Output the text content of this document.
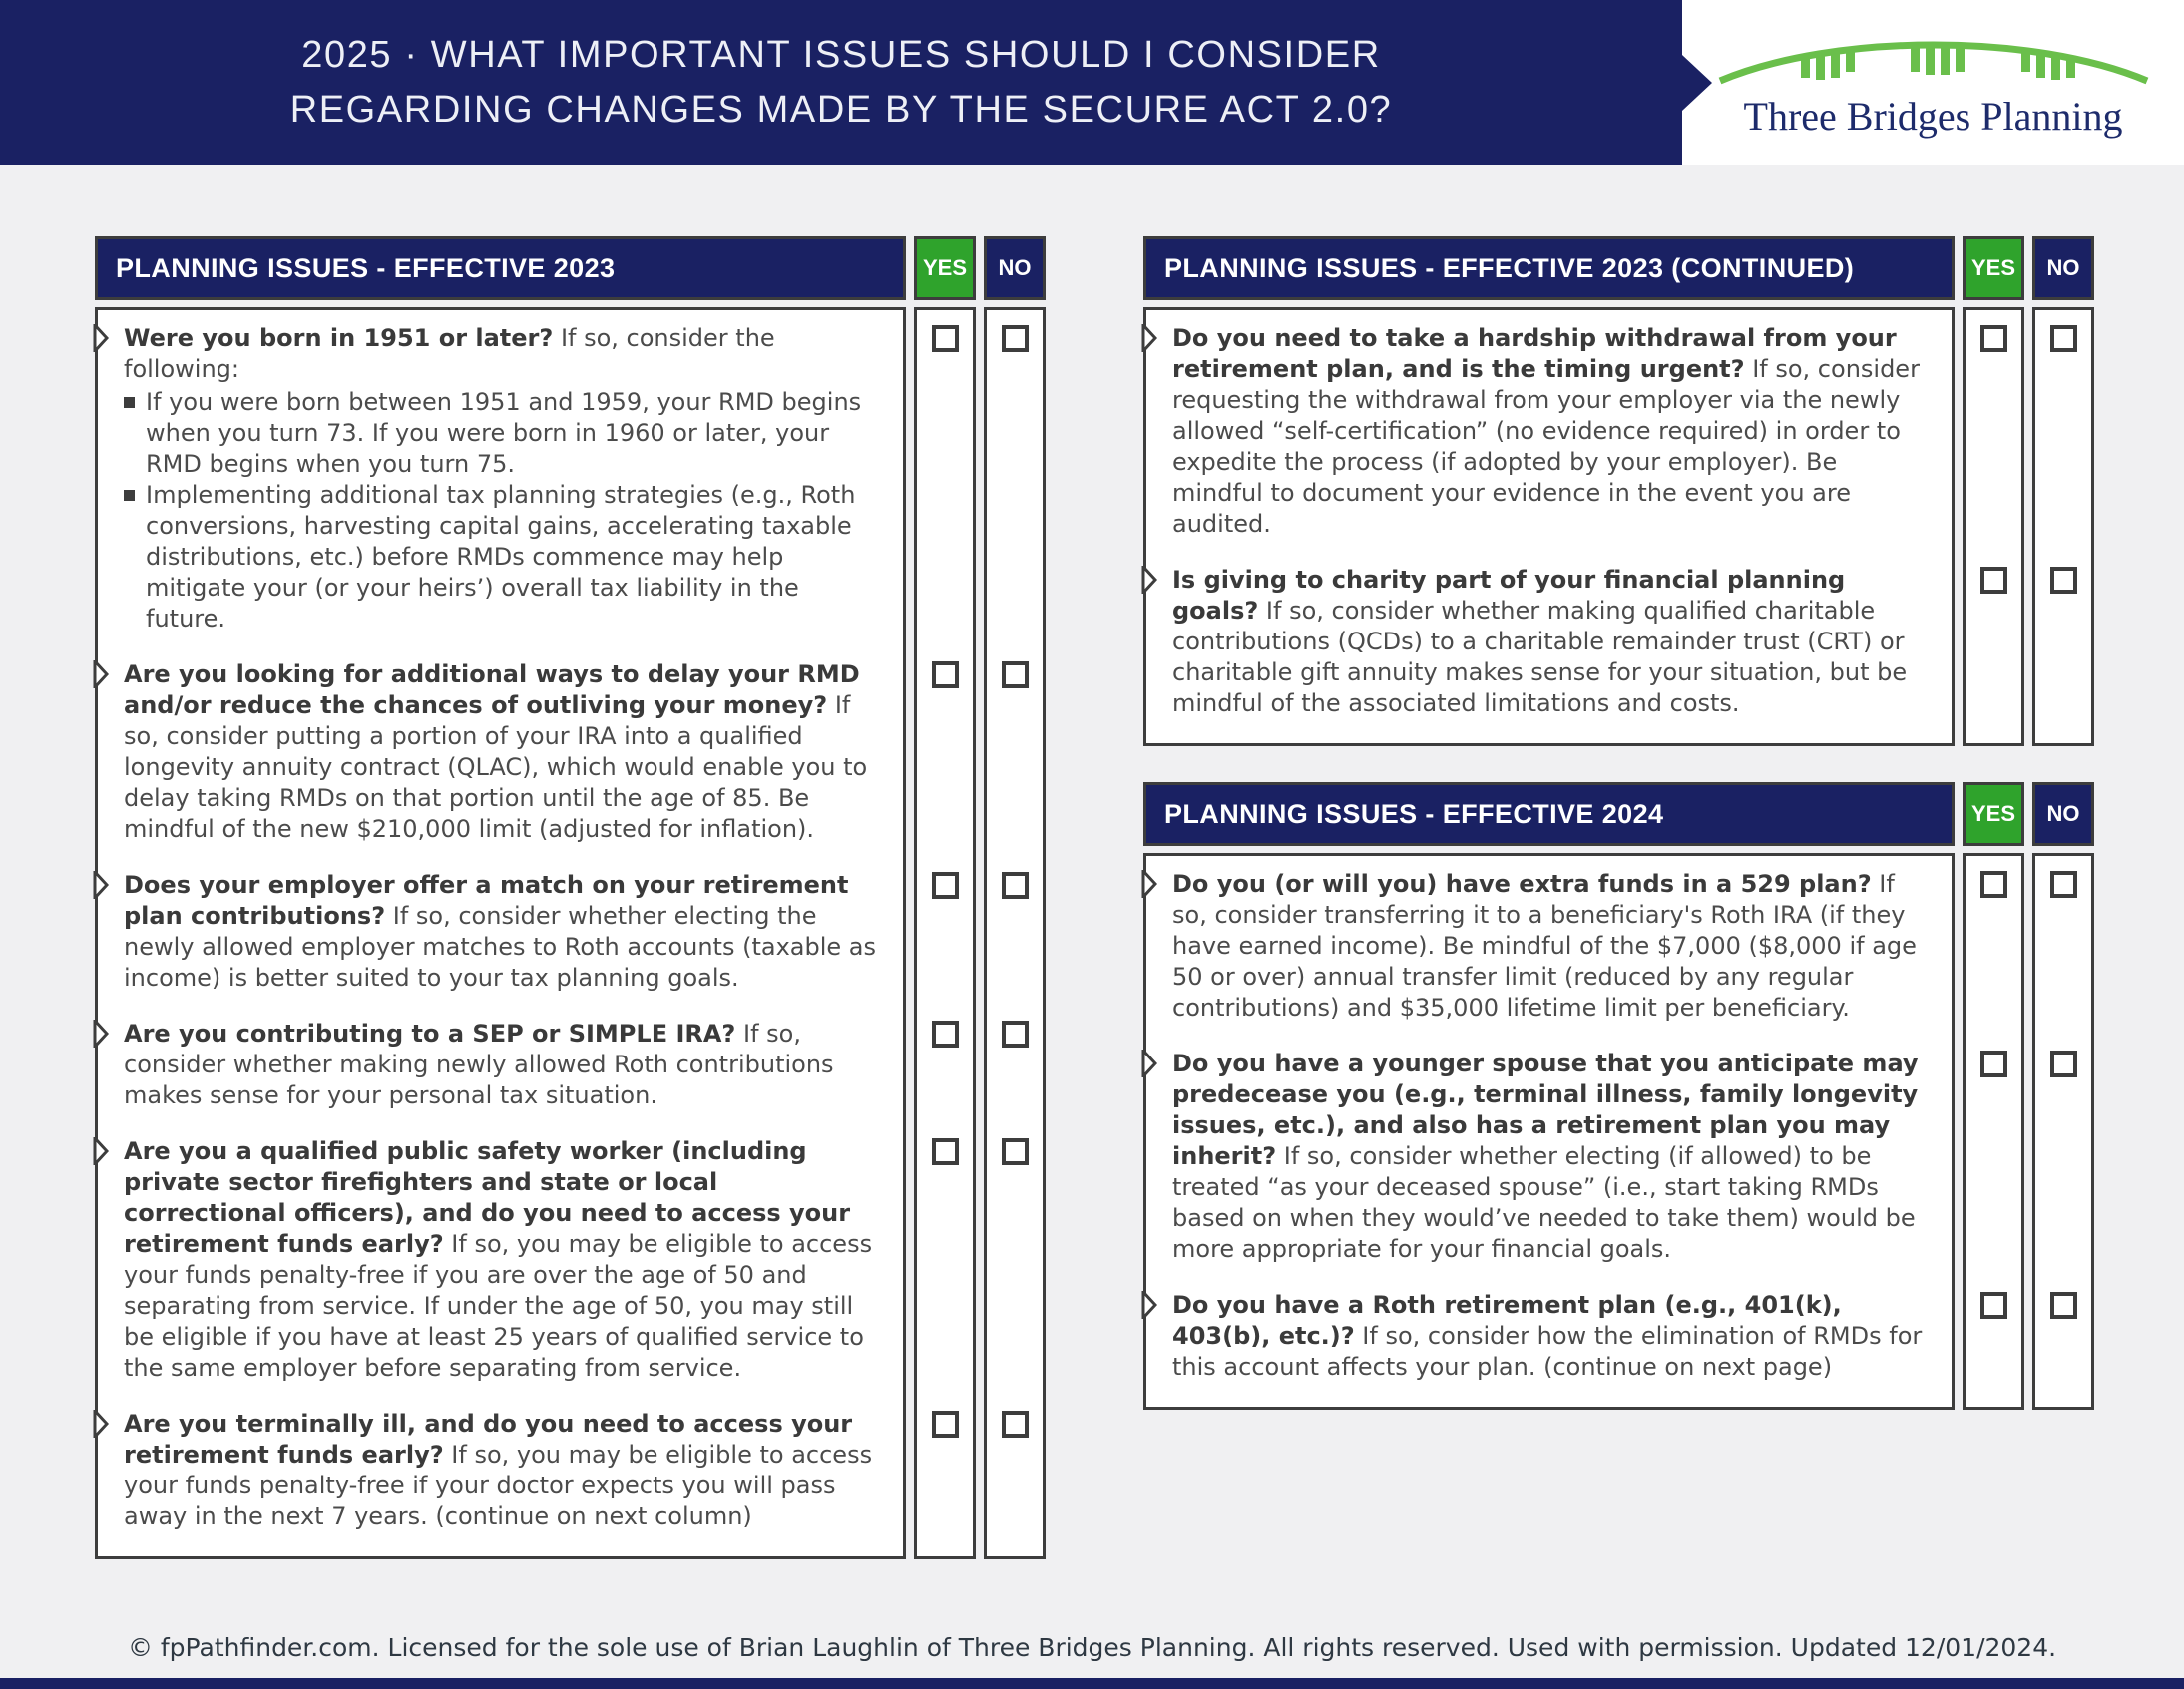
2025 · WHAT IMPORTANT ISSUES SHOULD I CONSIDER
REGARDING CHANGES MADE BY THE SECURE ACT 2.0?	Three Bridges Planning
PLANNING ISSUES - EFFECTIVE 2023	YES	NO
Were you born in 1951 or later? If so, consider the following:
If you were born between 1951 and 1959, your RMD begins when you turn 73. If you were born in 1960 or later, your RMD begins when you turn 75.
Implementing additional tax planning strategies (e.g., Roth conversions, harvesting capital gains, accelerating taxable distributions, etc.) before RMDs commence may help mitigate your (or your heirs’) overall tax liability in the future.
Are you looking for additional ways to delay your RMD and/or reduce the chances of outliving your money? If so, consider putting a portion of your IRA into a qualified longevity annuity contract (QLAC), which would enable you to delay taking RMDs on that portion until the age of 85. Be mindful of the new $210,000 limit (adjusted for inflation).
Does your employer offer a match on your retirement plan contributions? If so, consider whether electing the newly allowed employer matches to Roth accounts (taxable as income) is better suited to your tax planning goals.
Are you contributing to a SEP or SIMPLE IRA? If so, consider whether making newly allowed Roth contributions makes sense for your personal tax situation.
Are you a qualified public safety worker (including private sector firefighters and state or local correctional officers), and do you need to access your retirement funds early? If so, you may be eligible to access your funds penalty-free if you are over the age of 50 and separating from service. If under the age of 50, you may still be eligible if you have at least 25 years of qualified service to the same employer before separating from service.
Are you terminally ill, and do you need to access your retirement funds early? If so, you may be eligible to access your funds penalty-free if your doctor expects you will pass away in the next 7 years. (continue on next column)
PLANNING ISSUES - EFFECTIVE 2023 (CONTINUED)	YES	NO
Do you need to take a hardship withdrawal from your retirement plan, and is the timing urgent? If so, consider requesting the withdrawal from your employer via the newly allowed “self-certification” (no evidence required) in order to expedite the process (if adopted by your employer). Be mindful to document your evidence in the event you are audited.
Is giving to charity part of your financial planning goals? If so, consider whether making qualified charitable contributions (QCDs) to a charitable remainder trust (CRT) or charitable gift annuity makes sense for your situation, but be mindful of the associated limitations and costs.
PLANNING ISSUES - EFFECTIVE 2024	YES	NO
Do you (or will you) have extra funds in a 529 plan? If so, consider transferring it to a beneficiary's Roth IRA (if they have earned income). Be mindful of the $7,000 ($8,000 if age 50 or over) annual transfer limit (reduced by any regular contributions) and $35,000 lifetime limit per beneficiary.
Do you have a younger spouse that you anticipate may predecease you (e.g., terminal illness, family longevity issues, etc.), and also has a retirement plan you may inherit? If so, consider whether electing (if allowed) to be treated “as your deceased spouse” (i.e., start taking RMDs based on when they would’ve needed to take them) would be more appropriate for your financial goals.
Do you have a Roth retirement plan (e.g., 401(k), 403(b), etc.)? If so, consider how the elimination of RMDs for this account affects your plan. (continue on next page)
© fpPathfinder.com. Licensed for the sole use of Brian Laughlin of Three Bridges Planning. All rights reserved. Used with permission. Updated 12/01/2024.
